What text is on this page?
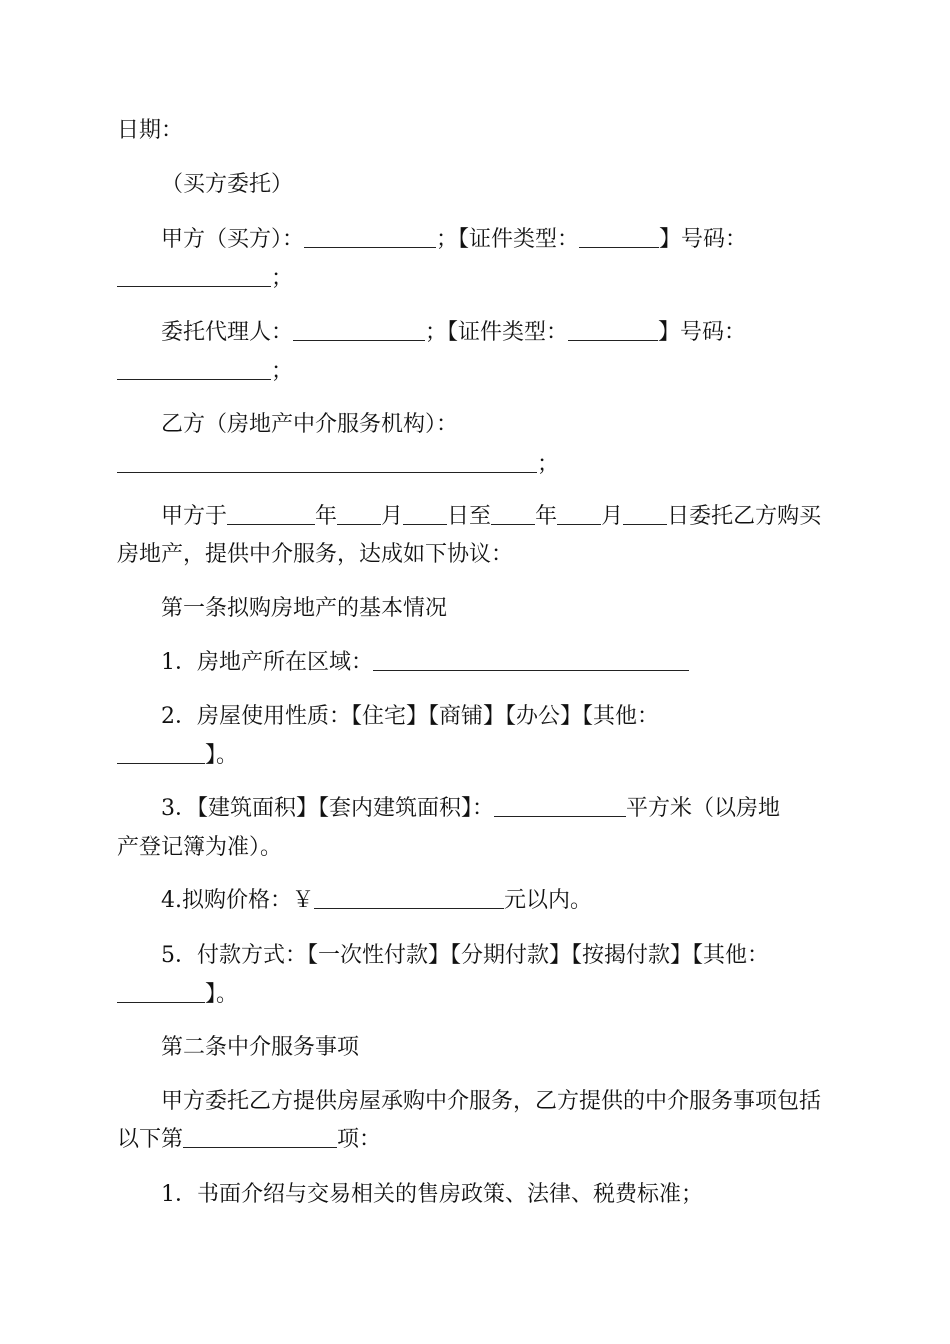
日期：
（买方委托）
甲方（买方）：	；【证件类型：	】号码：
；
委托代理人：	；【证件类型：	】号码：
；
乙方（房地产中介服务机构）：
；
甲方于	年 月 日至 年 月 日委托乙方购买
房地产，提供中介服务，达成如下协议：
第一条拟购房地产的基本情况
1．房地产所在区域：
2．房屋使用性质：【住宅】【商铺】【办公】【其他：
】。
3．【建筑面积】【套内建筑面积】：	平方米（以房地
产登记簿为准）。
4.拟购价格：￥	元以内。
5．付款方式：【一次性付款】【分期付款】【按揭付款】【其他：
】。
第二条中介服务事项
甲方委托乙方提供房屋承购中介服务，乙方提供的中介服务事项包括
以下第	项：
1．书面介绍与交易相关的售房政策、法律、税费标准；
